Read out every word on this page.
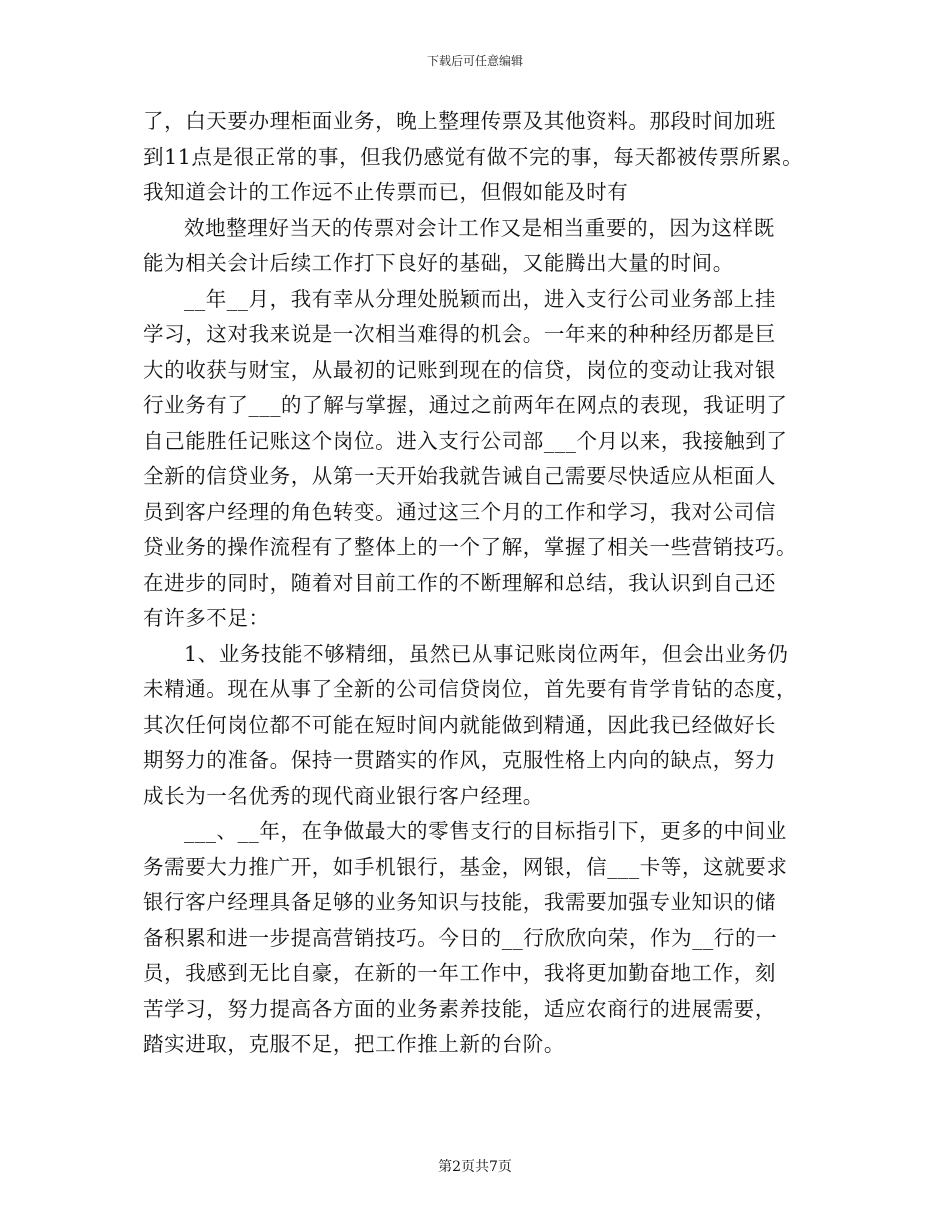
下载后可任意编辑
了，白天要办理柜面业务，晚上整理传票及其他资料。那段时间加班
到11点是很正常的事，但我仍感觉有做不完的事，每天都被传票所累。
我知道会计的工作远不止传票而已，但假如能及时有
效地整理好当天的传票对会计工作又是相当重要的，因为这样既
能为相关会计后续工作打下良好的基础，又能腾出大量的时间。
__年__月，我有幸从分理处脱颖而出，进入支行公司业务部上挂
学习，这对我来说是一次相当难得的机会。一年来的种种经历都是巨
大的收获与财宝，从最初的记账到现在的信贷，岗位的变动让我对银
行业务有了___的了解与掌握，通过之前两年在网点的表现，我证明了
自己能胜任记账这个岗位。进入支行公司部___个月以来，我接触到了
全新的信贷业务，从第一天开始我就告诫自己需要尽快适应从柜面人
员到客户经理的角色转变。通过这三个月的工作和学习，我对公司信
贷业务的操作流程有了整体上的一个了解，掌握了相关一些营销技巧。
在进步的同时，随着对目前工作的不断理解和总结，我认识到自己还
有许多不足：
1、业务技能不够精细，虽然已从事记账岗位两年，但会出业务仍
未精通。现在从事了全新的公司信贷岗位，首先要有肯学肯钻的态度，
其次任何岗位都不可能在短时间内就能做到精通，因此我已经做好长
期努力的准备。保持一贯踏实的作风，克服性格上内向的缺点，努力
成长为一名优秀的现代商业银行客户经理。
___、__年，在争做最大的零售支行的目标指引下，更多的中间业
务需要大力推广开，如手机银行，基金，网银，信___卡等，这就要求
银行客户经理具备足够的业务知识与技能，我需要加强专业知识的储
备积累和进一步提高营销技巧。今日的__行欣欣向荣，作为__行的一
员，我感到无比自豪，在新的一年工作中，我将更加勤奋地工作，刻
苦学习，努力提高各方面的业务素养技能，适应农商行的进展需要，
踏实进取，克服不足，把工作推上新的台阶。
第2页共7页
